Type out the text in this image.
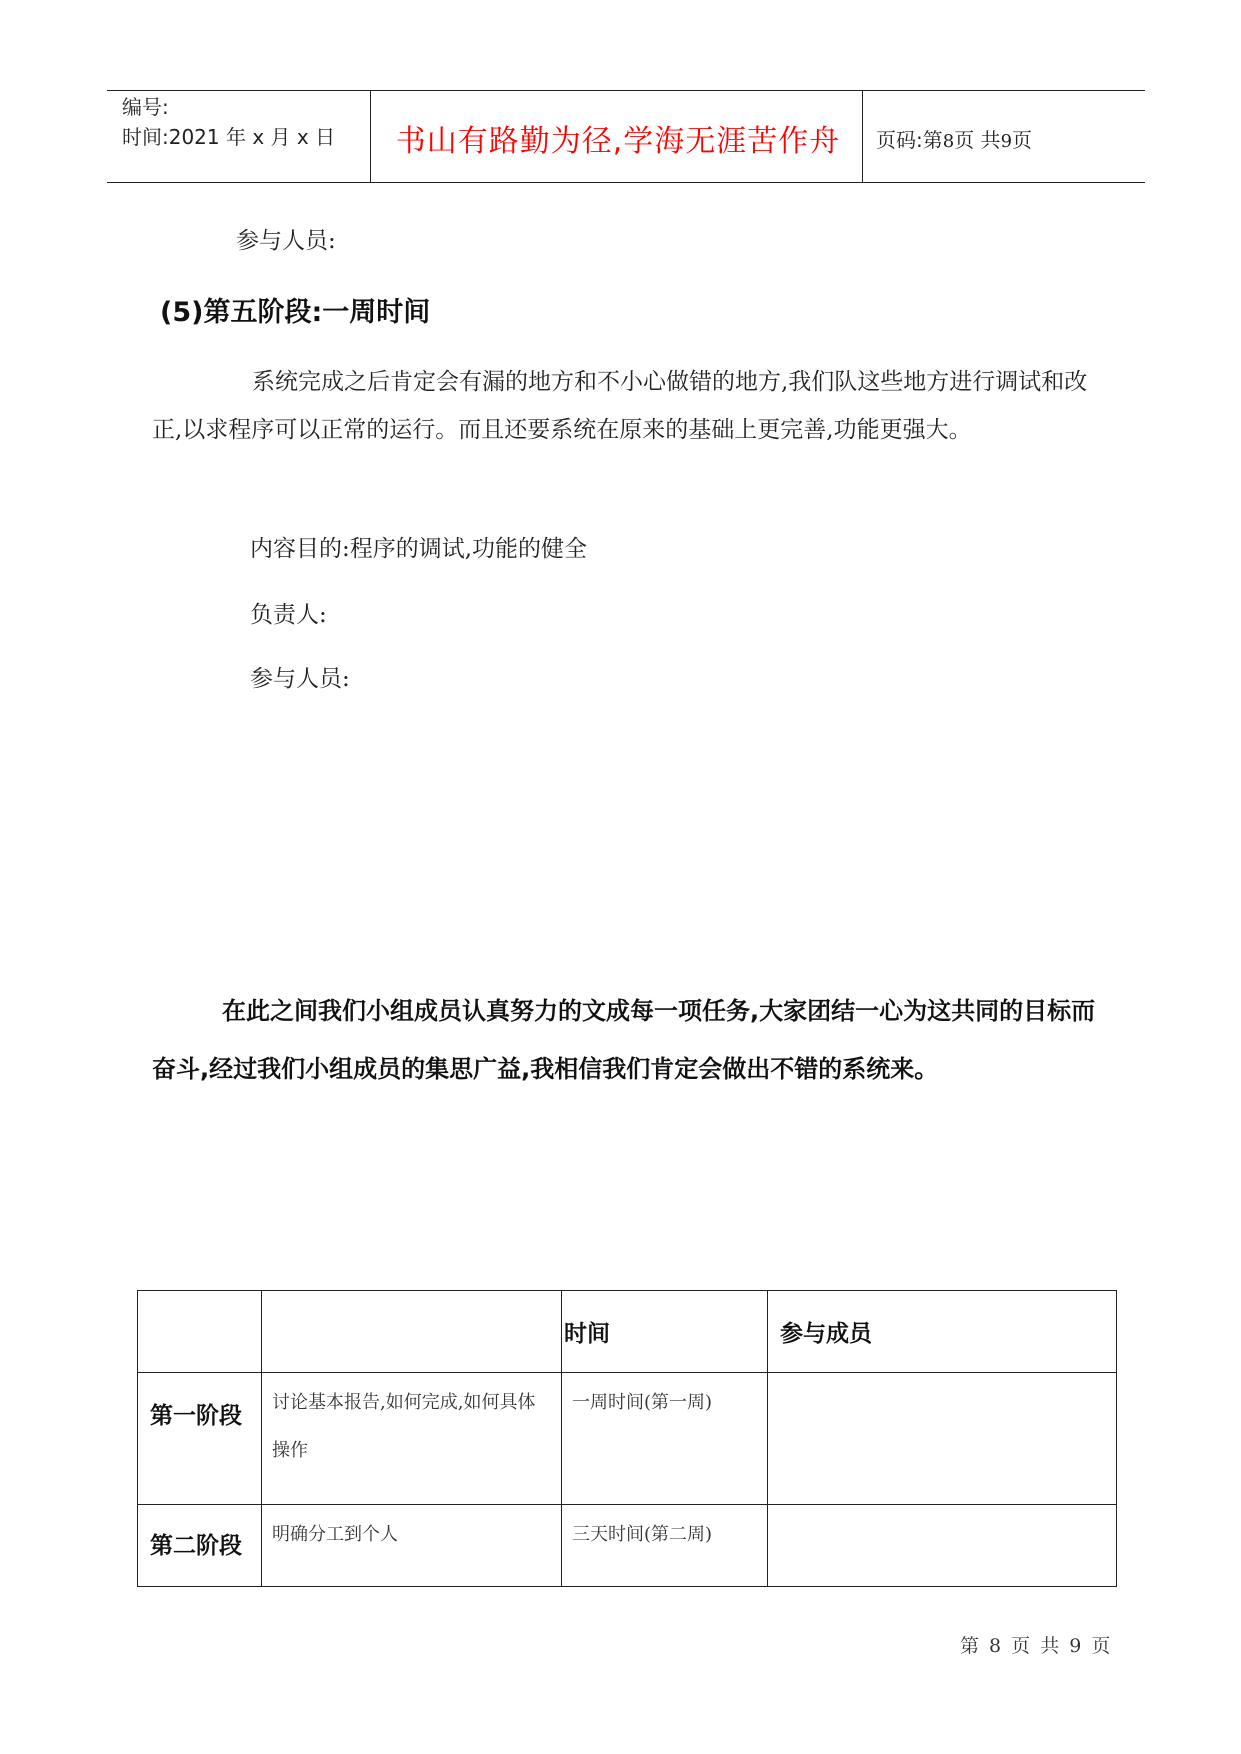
编号:
时间:2021 年 x 月 x 日	书山有路勤为径,学海无涯苦作舟	页码:第8页 共9页
参与人员:
(5)第五阶段:一周时间
系统完成之后肯定会有漏的地方和不小心做错的地方,我们队这些地方进行调试和改正,以求程序可以正常的运行。而且还要系统在原来的基础上更完善,功能更强大。
内容目的:程序的调试,功能的健全
负责人:
参与人员:
在此之间我们小组成员认真努力的文成每一项任务,大家团结一心为这共同的目标而奋斗,经过我们小组成员的集思广益,我相信我们肯定会做出不错的系统来。
		时间	参与成员
第一阶段	讨论基本报告,如何完成,如何具体操作	一周时间(第一周)	
第二阶段	明确分工到个人	三天时间(第二周)	
第 8 页 共 9 页
